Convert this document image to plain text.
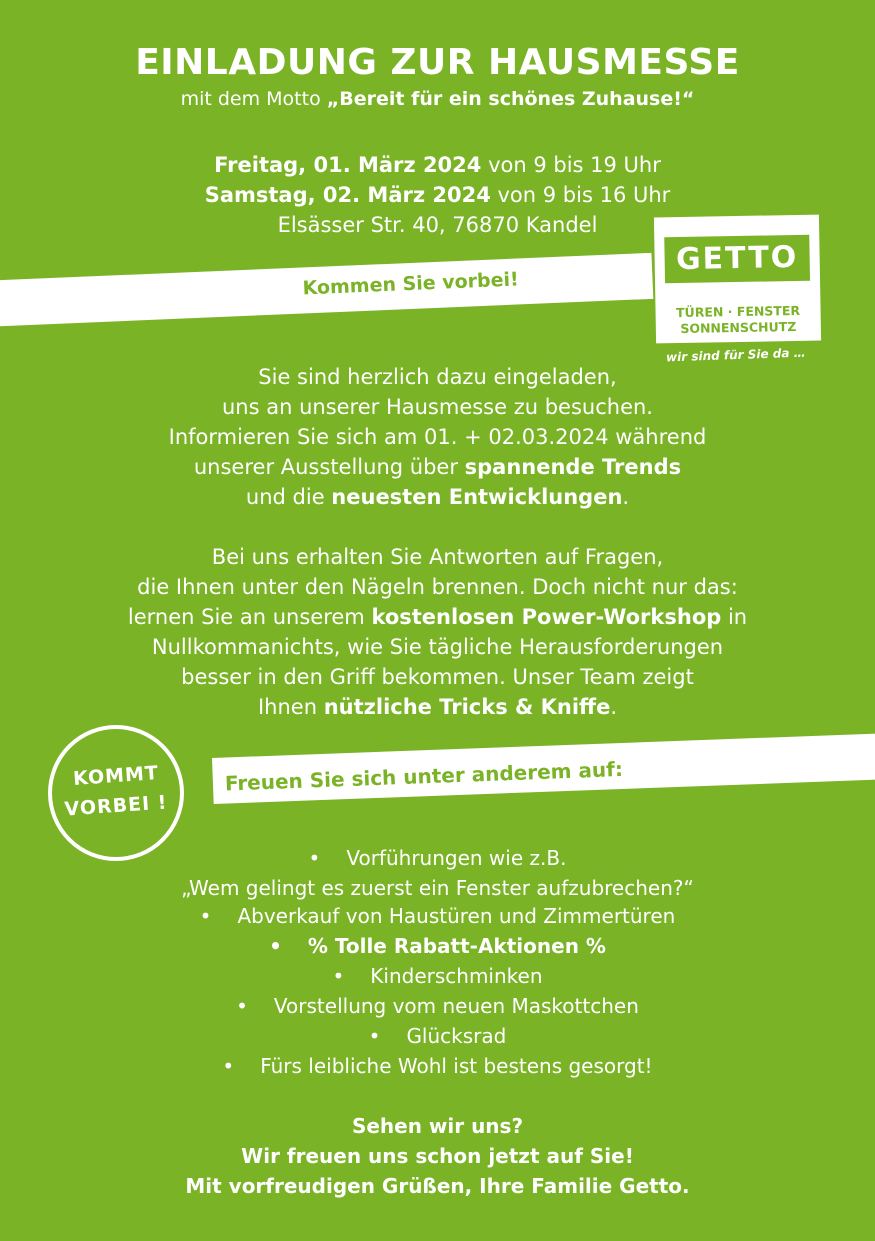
EINLADUNG ZUR HAUSMESSE
mit dem Motto „Bereit für ein schönes Zuhause!“
Freitag, 01. März 2024 von 9 bis 19 Uhr
Samstag, 02. März 2024 von 9 bis 16 Uhr
Elsässer Str. 40, 76870 Kandel
Kommen Sie vorbei!
GETTO
TÜREN · FENSTER
SONNENSCHUTZ
wir sind für Sie da …
Sie sind herzlich dazu eingeladen,
uns an unserer Hausmesse zu besuchen.
Informieren Sie sich am 01. + 02.03.2024 während
unserer Ausstellung über spannende Trends
und die neuesten Entwicklungen.
Bei uns erhalten Sie Antworten auf Fragen,
die Ihnen unter den Nägeln brennen. Doch nicht nur das:
lernen Sie an unserem kostenlosen Power-Workshop in
Nullkommanichts, wie Sie tägliche Herausforderungen
besser in den Griff bekommen. Unser Team zeigt
Ihnen nützliche Tricks & Kniffe.
KOMMT
VORBEI !
Freuen Sie sich unter anderem auf:
• Vorführungen wie z.B.
„Wem gelingt es zuerst ein Fenster aufzubrechen?“
• Abverkauf von Haustüren und Zimmertüren
• % Tolle Rabatt-Aktionen %
• Kinderschminken
• Vorstellung vom neuen Maskottchen
• Glücksrad
• Fürs leibliche Wohl ist bestens gesorgt!
Sehen wir uns?
Wir freuen uns schon jetzt auf Sie!
Mit vorfreudigen Grüßen, Ihre Familie Getto.
